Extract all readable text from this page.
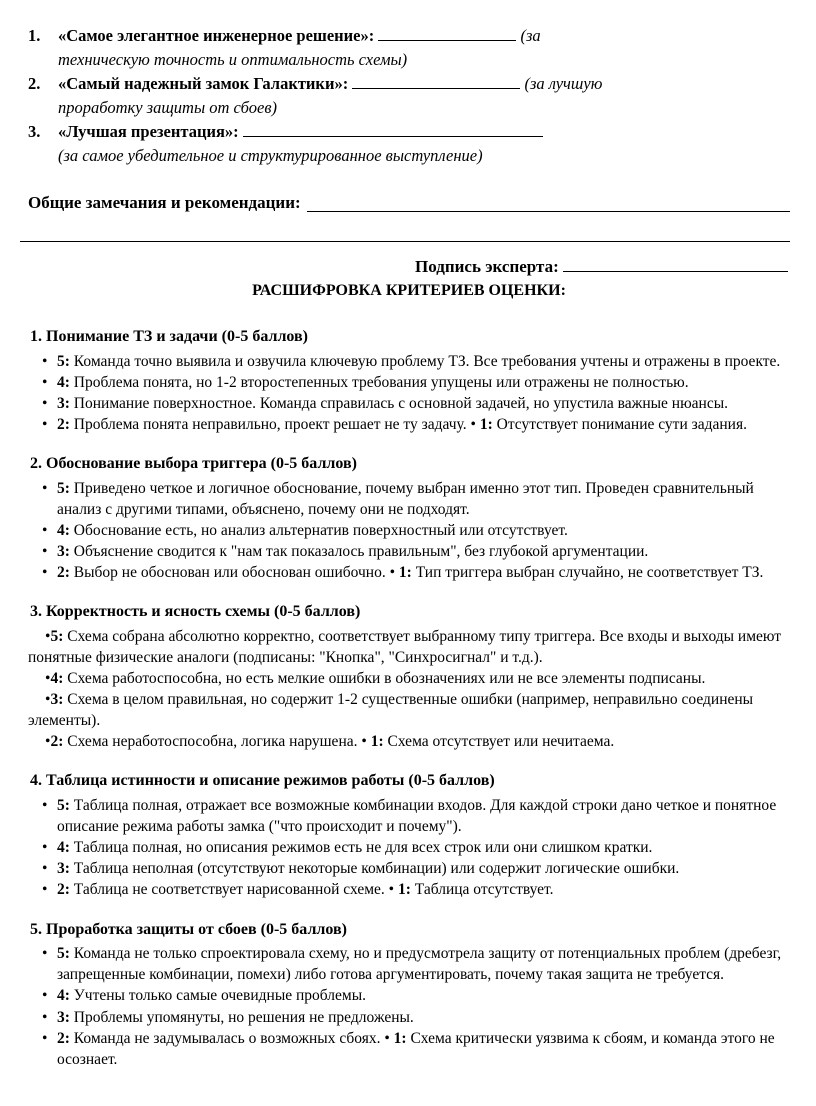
1.	«Самое элегантное инженерное решение»:	(за техническую точность и оптимальность схемы)
2.	«Самый надежный замок Галактики»:	(за лучшую проработку защиты от сбоев)
3.	«Лучшая презентация»:
(за самое убедительное и структурированное выступление)
Общие замечания и рекомендации:
Подпись эксперта:
РАСШИФРОВКА КРИТЕРИЕВ ОЦЕНКИ:
1. Понимание ТЗ и задачи (0-5 баллов)
• 5: Команда точно выявила и озвучила ключевую проблему ТЗ. Все требования учтены и отражены в проекте.
• 4: Проблема понята, но 1-2 второстепенных требования упущены или отражены не полностью.
• 3: Понимание поверхностное. Команда справилась с основной задачей, но упустила важные нюансы.
• 2: Проблема понята неправильно, проект решает не ту задачу. • 1: Отсутствует понимание сути задания.
2. Обоснование выбора триггера (0-5 баллов)
• 5: Приведено четкое и логичное обоснование, почему выбран именно этот тип. Проведен сравнительный анализ с другими типами, объяснено, почему они не подходят.
• 4: Обоснование есть, но анализ альтернатив поверхностный или отсутствует.
• 3: Объяснение сводится к "нам так показалось правильным", без глубокой аргументации.
• 2: Выбор не обоснован или обоснован ошибочно. • 1: Тип триггера выбран случайно, не соответствует ТЗ.
3. Корректность и ясность схемы (0-5 баллов)
• 5: Схема собрана абсолютно корректно, соответствует выбранному типу триггера. Все входы и выходы имеют понятные физические аналоги (подписаны: "Кнопка", "Синхросигнал" и т.д.).
• 4: Схема работоспособна, но есть мелкие ошибки в обозначениях или не все элементы подписаны.
• 3: Схема в целом правильная, но содержит 1-2 существенные ошибки (например, неправильно соединены элементы).
• 2: Схема неработоспособна, логика нарушена. • 1: Схема отсутствует или нечитаема.
4. Таблица истинности и описание режимов работы (0-5 баллов)
• 5: Таблица полная, отражает все возможные комбинации входов. Для каждой строки дано четкое и понятное описание режима работы замка ("что происходит и почему").
• 4: Таблица полная, но описания режимов есть не для всех строк или они слишком кратки.
• 3: Таблица неполная (отсутствуют некоторые комбинации) или содержит логические ошибки.
• 2: Таблица не соответствует нарисованной схеме. • 1: Таблица отсутствует.
5. Проработка защиты от сбоев (0-5 баллов)
• 5: Команда не только спроектировала схему, но и предусмотрела защиту от потенциальных проблем (дребезг, запрещенные комбинации, помехи) либо готова аргументировать, почему такая защита не требуется.
• 4: Учтены только самые очевидные проблемы.
• 3: Проблемы упомянуты, но решения не предложены.
• 2: Команда не задумывалась о возможных сбоях. • 1: Схема критически уязвима к сбоям, и команда этого не осознает.
